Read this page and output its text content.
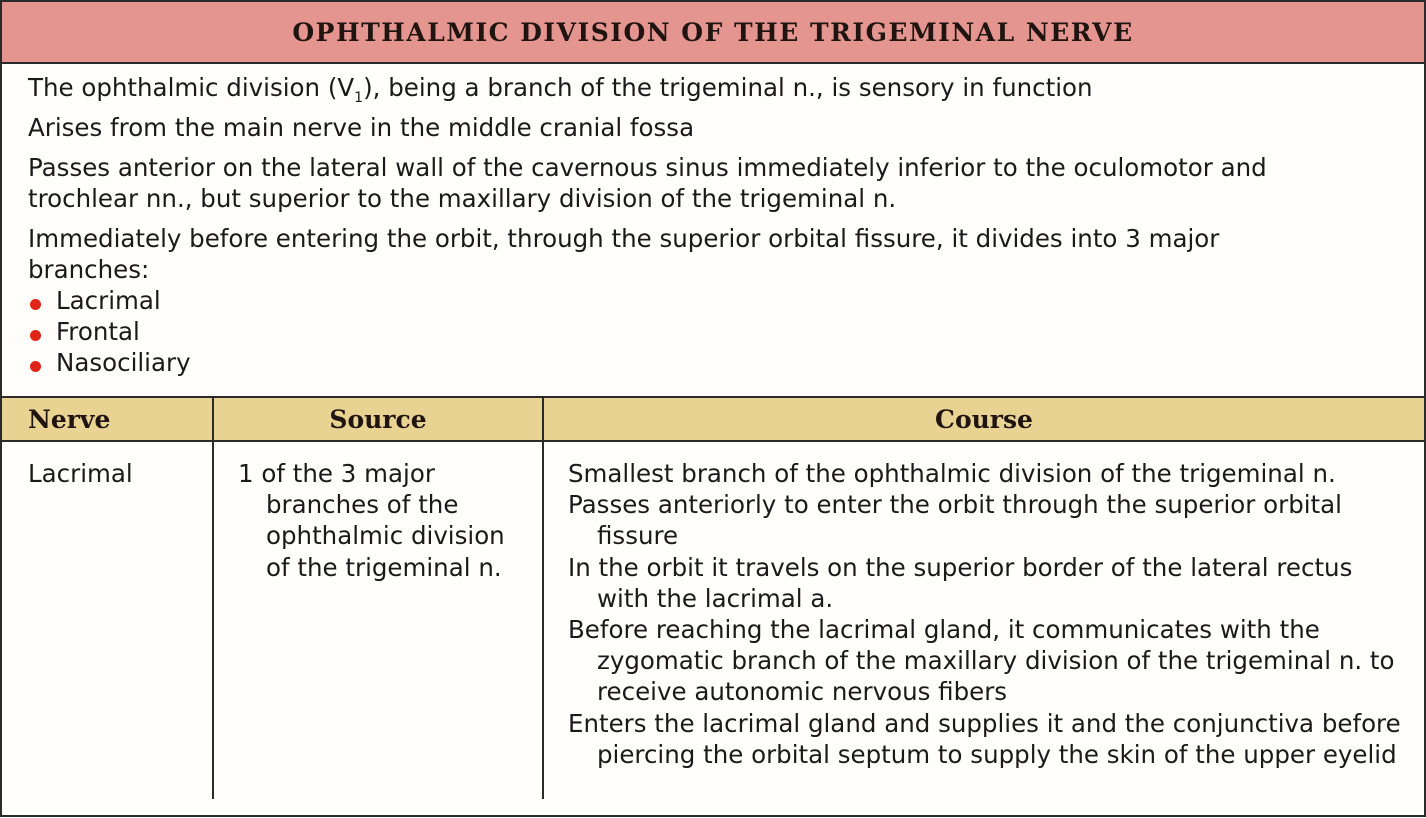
OPHTHALMIC DIVISION OF THE TRIGEMINAL NERVE

The ophthalmic division $(V_1)$, being a branch of the trigeminal n., is sensory in function

Arises from the main nerve in the middle cranial fossa

Passes anterior on the lateral wall of the cavernous sinus immediately inferior to the oculomotor and trochlear nn., but superior to the maxillary division of the trigeminal n.

Immediately before entering the orbit, through the superior orbital fissure, it divides into 3 major branches:

Lacrimal
Frontal
Nasociliary
Nerve	Source	Course
Lacrimal	1 of the 3 major branches of the ophthalmic division of the trigeminal n.	Smallest branch of the ophthalmic division of the trigeminal n.
Passes anteriorly to enter the orbit through the superior orbital fissure
In the orbit it travels on the superior border of the lateral rectus with the lacrimal a.
Before reaching the lacrimal gland, it communicates with the zygomatic branch of the maxillary division of the trigeminal n. to receive autonomic nervous fibers
Enters the lacrimal gland and supplies it and the conjunctiva before piercing the orbital septum to supply the skin of the upper eyelid
